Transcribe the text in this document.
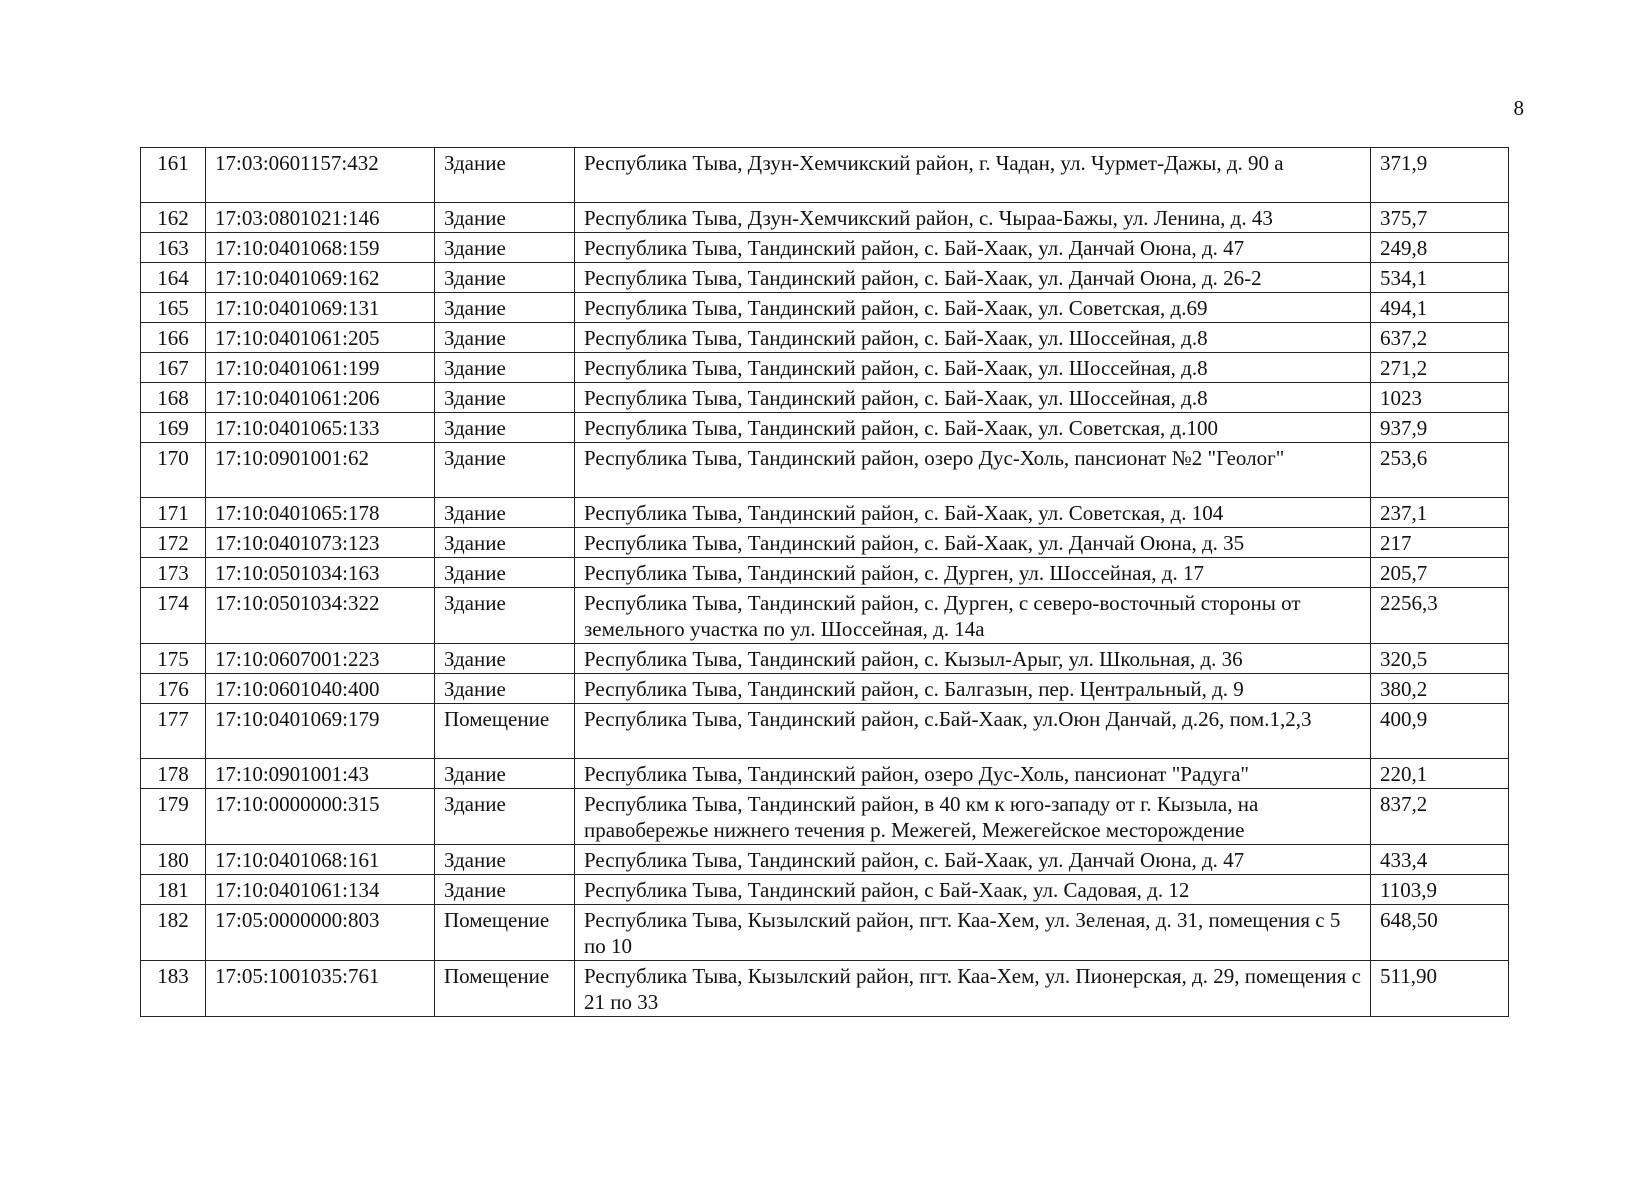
8
161	17:03:0601157:432	Здание	Республика Тыва, Дзун-Хемчикский район, г. Чадан, ул. Чурмет-Дажы, д. 90 а	371,9
162	17:03:0801021:146	Здание	Республика Тыва, Дзун-Хемчикский район, с. Чыраа-Бажы, ул. Ленина, д. 43	375,7
163	17:10:0401068:159	Здание	Республика Тыва, Тандинский район, с. Бай-Хаак, ул. Данчай Оюна, д. 47	249,8
164	17:10:0401069:162	Здание	Республика Тыва, Тандинский район, с. Бай-Хаак, ул. Данчай Оюна, д. 26-2	534,1
165	17:10:0401069:131	Здание	Республика Тыва, Тандинский район, с. Бай-Хаак, ул. Советская, д.69	494,1
166	17:10:0401061:205	Здание	Республика Тыва, Тандинский район, с. Бай-Хаак, ул. Шоссейная, д.8	637,2
167	17:10:0401061:199	Здание	Республика Тыва, Тандинский район, с. Бай-Хаак, ул. Шоссейная, д.8	271,2
168	17:10:0401061:206	Здание	Республика Тыва, Тандинский район, с. Бай-Хаак, ул. Шоссейная, д.8	1023
169	17:10:0401065:133	Здание	Республика Тыва, Тандинский район, с. Бай-Хаак, ул. Советская, д.100	937,9
170	17:10:0901001:62	Здание	Республика Тыва, Тандинский район, озеро Дус-Холь, пансионат №2 "Геолог"	253,6
171	17:10:0401065:178	Здание	Республика Тыва, Тандинский район, с. Бай-Хаак, ул. Советская, д. 104	237,1
172	17:10:0401073:123	Здание	Республика Тыва, Тандинский район, с. Бай-Хаак, ул. Данчай Оюна, д. 35	217
173	17:10:0501034:163	Здание	Республика Тыва, Тандинский район, с. Дурген, ул. Шоссейная, д. 17	205,7
174	17:10:0501034:322	Здание	Республика Тыва, Тандинский район, с. Дурген, с северо-восточный стороны от земельного участка по ул. Шоссейная, д. 14а	2256,3
175	17:10:0607001:223	Здание	Республика Тыва, Тандинский район, с. Кызыл-Арыг, ул. Школьная, д. 36	320,5
176	17:10:0601040:400	Здание	Республика Тыва, Тандинский район, с. Балгазын, пер. Центральный, д. 9	380,2
177	17:10:0401069:179	Помещение	Республика Тыва, Тандинский район, с.Бай-Хаак, ул.Оюн Данчай, д.26, пом.1,2,3	400,9
178	17:10:0901001:43	Здание	Республика Тыва, Тандинский район, озеро Дус-Холь, пансионат "Радуга"	220,1
179	17:10:0000000:315	Здание	Республика Тыва, Тандинский район, в 40 км к юго-западу от г. Кызыла, на правобережье нижнего течения р. Межегей, Межегейское месторождение	837,2
180	17:10:0401068:161	Здание	Республика Тыва, Тандинский район, с. Бай-Хаак, ул. Данчай Оюна, д. 47	433,4
181	17:10:0401061:134	Здание	Республика Тыва, Тандинский район, с Бай-Хаак, ул. Садовая, д. 12	1103,9
182	17:05:0000000:803	Помещение	Республика Тыва, Кызылский район, пгт. Каа-Хем, ул. Зеленая, д. 31, помещения с 5 по 10	648,50
183	17:05:1001035:761	Помещение	Республика Тыва, Кызылский район, пгт. Каа-Хем, ул. Пионерская, д. 29, помещения с 21 по 33	511,90
